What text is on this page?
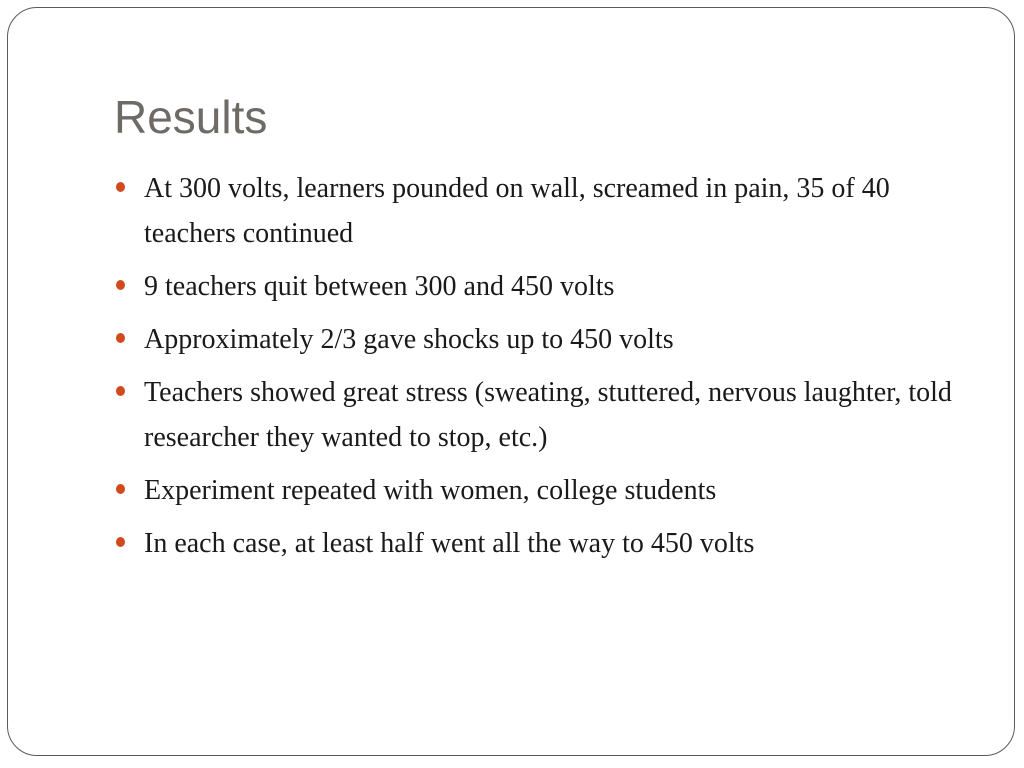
Results
At 300 volts, learners pounded on wall, screamed in pain, 35 of 40 teachers continued
9 teachers quit between 300 and 450 volts
Approximately 2/3 gave shocks up to 450 volts
Teachers showed great stress (sweating, stuttered, nervous laughter, told researcher they wanted to stop, etc.)
Experiment repeated with women, college students
In each case, at least half went all the way to 450 volts
